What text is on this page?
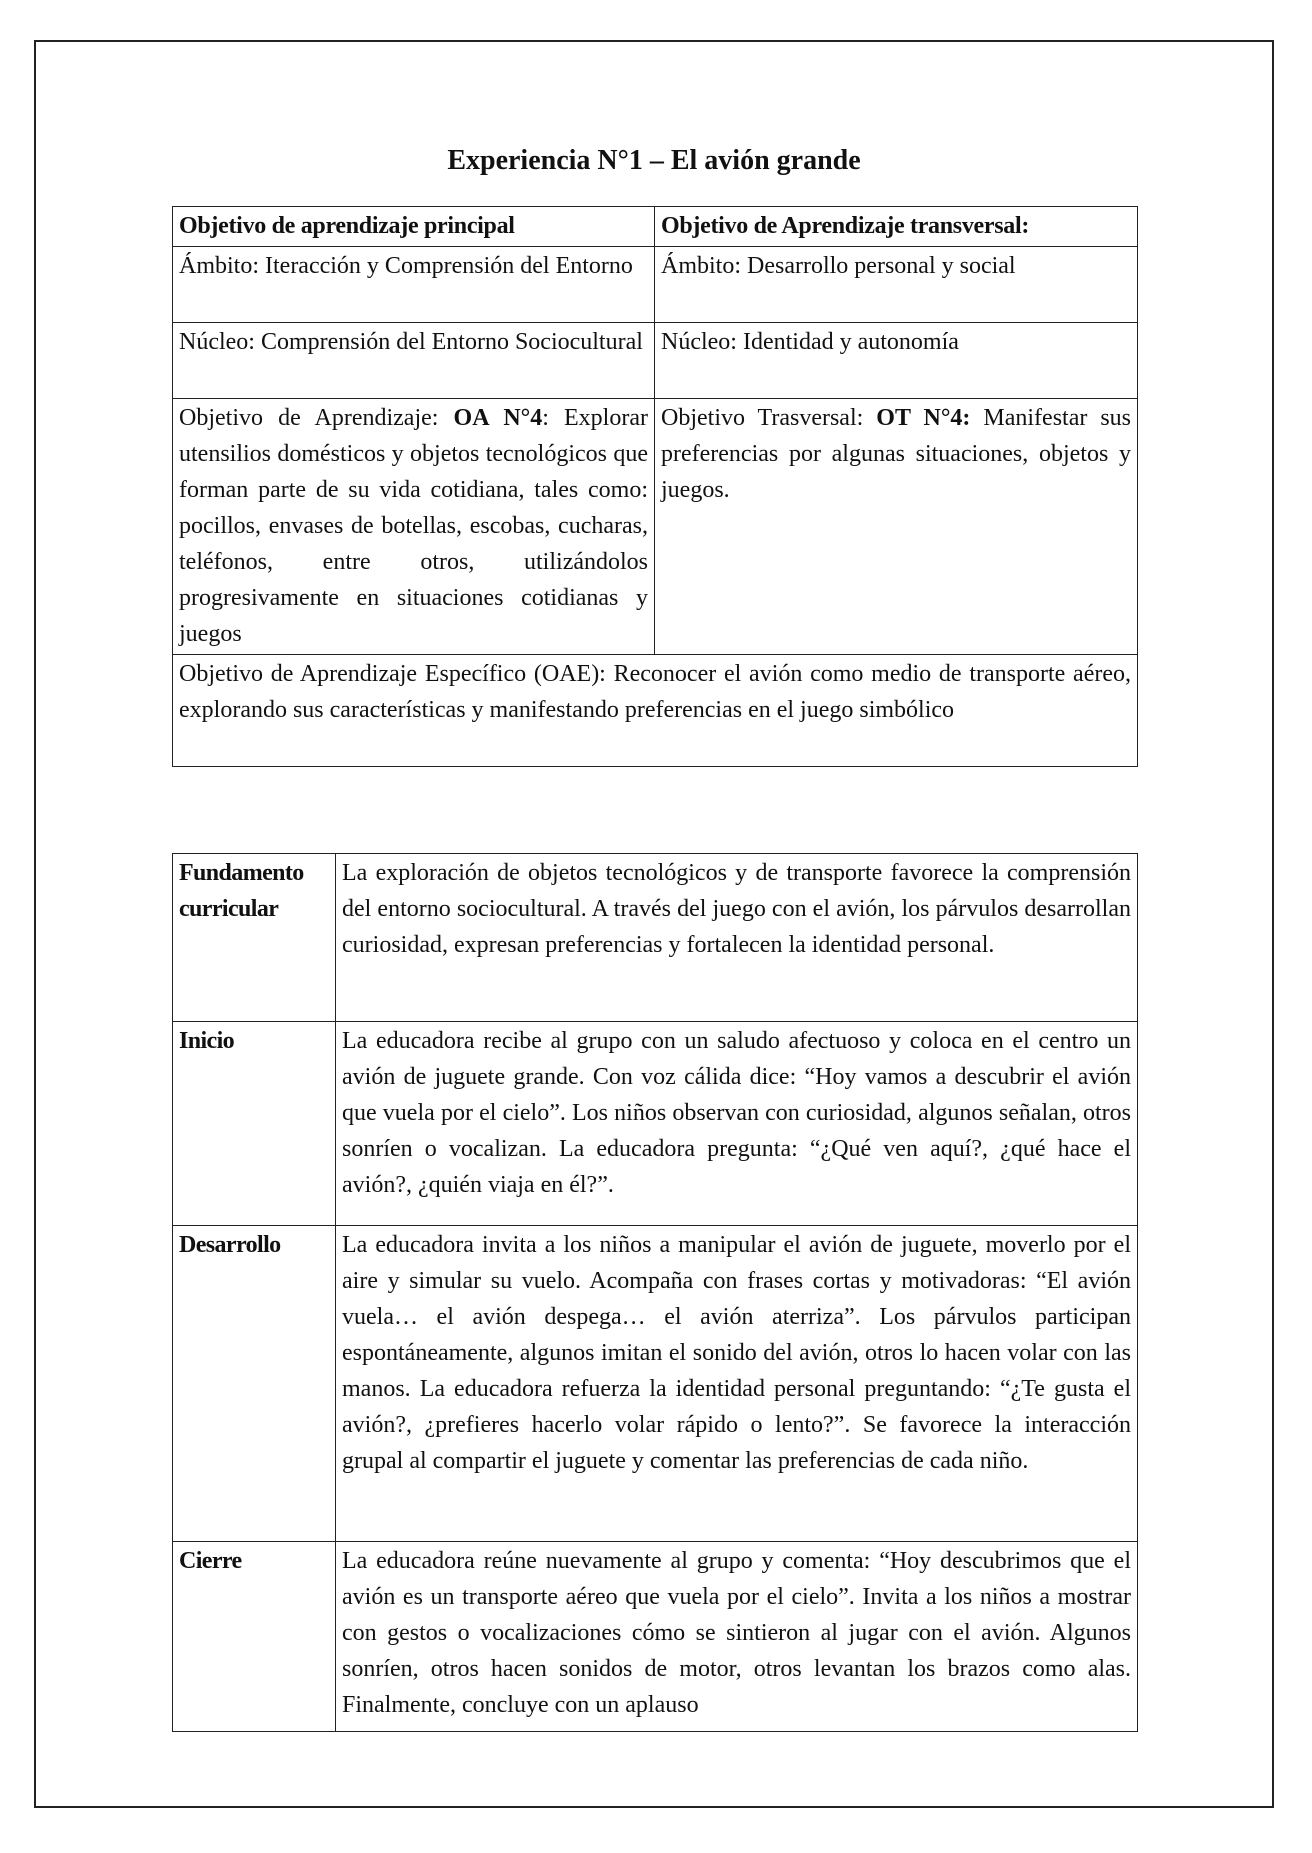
Experiencia N°1 – El avión grande
Objetivo de aprendizaje principal	Objetivo de Aprendizaje transversal:
Ámbito: Iteracción y Comprensión del Entorno	Ámbito: Desarrollo personal y social
Núcleo: Comprensión del Entorno Sociocultural	Núcleo: Identidad y autonomía
Objetivo de Aprendizaje: OA N°4: Explorar utensilios domésticos y objetos tecnológicos que forman parte de su vida cotidiana, tales como: pocillos, envases de botellas, escobas, cucharas, teléfonos, entre otros, utilizándolos progresivamente en situaciones cotidianas y juegos	Objetivo Trasversal: OT N°4: Manifestar sus preferencias por algunas situaciones, objetos y juegos.
Objetivo de Aprendizaje Específico (OAE): Reconocer el avión como medio de transporte aéreo, explorando sus características y manifestando preferencias en el juego simbólico	
Fundamento curricular	La exploración de objetos tecnológicos y de transporte favorece la comprensión del entorno sociocultural. A través del juego con el avión, los párvulos desarrollan curiosidad, expresan preferencias y fortalecen la identidad personal.
Inicio	La educadora recibe al grupo con un saludo afectuoso y coloca en el centro un avión de juguete grande. Con voz cálida dice: “Hoy vamos a descubrir el avión que vuela por el cielo”. Los niños observan con curiosidad, algunos señalan, otros sonríen o vocalizan. La educadora pregunta: “¿Qué ven aquí?, ¿qué hace el avión?, ¿quién viaja en él?”.
Desarrollo	La educadora invita a los niños a manipular el avión de juguete, moverlo por el aire y simular su vuelo. Acompaña con frases cortas y motivadoras: “El avión vuela… el avión despega… el avión aterriza”. Los párvulos participan espontáneamente, algunos imitan el sonido del avión, otros lo hacen volar con las manos. La educadora refuerza la identidad personal preguntando: “¿Te gusta el avión?, ¿prefieres hacerlo volar rápido o lento?”. Se favorece la interacción grupal al compartir el juguete y comentar las preferencias de cada niño.
Cierre	La educadora reúne nuevamente al grupo y comenta: “Hoy descubrimos que el avión es un transporte aéreo que vuela por el cielo”. Invita a los niños a mostrar con gestos o vocalizaciones cómo se sintieron al jugar con el avión. Algunos sonríen, otros hacen sonidos de motor, otros levantan los brazos como alas. Finalmente, concluye con un aplauso
